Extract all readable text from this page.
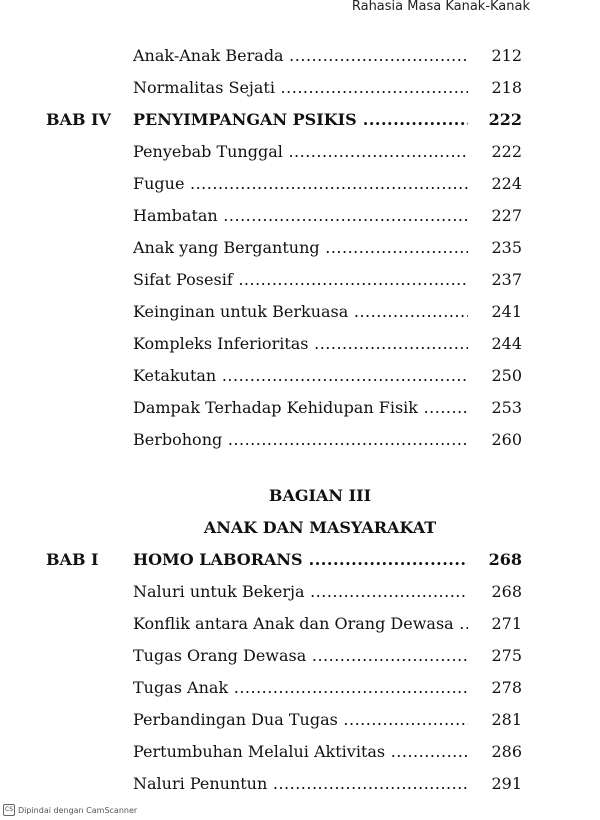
Rahasia Masa Kanak-Kanak
Anak-Anak Berada .....	212
Normalitas Sejati .....	218
BAB IV PENYIMPANGAN PSIKIS .....	222
Penyebab Tunggal .....	222
Fugue .....	224
Hambatan .....	227
Anak yang Bergantung .....	235
Sifat Posesif .....	237
Keinginan untuk Berkuasa .....	241
Kompleks Inferioritas .....	244
Ketakutan .....	250
Dampak Terhadap Kehidupan Fisik .....	253
Berbohong .....	260
BAGIAN III
ANAK DAN MASYARAKAT
BAB I HOMO LABORANS .....	268
Naluri untuk Bekerja .....	268
Konflik antara Anak dan Orang Dewasa .....	271
Tugas Orang Dewasa .....	275
Tugas Anak .....	278
Perbandingan Dua Tugas .....	281
Pertumbuhan Melalui Aktivitas .....	286
Naluri Penuntun .....	291
CS Dipindai dengan CamScanner
